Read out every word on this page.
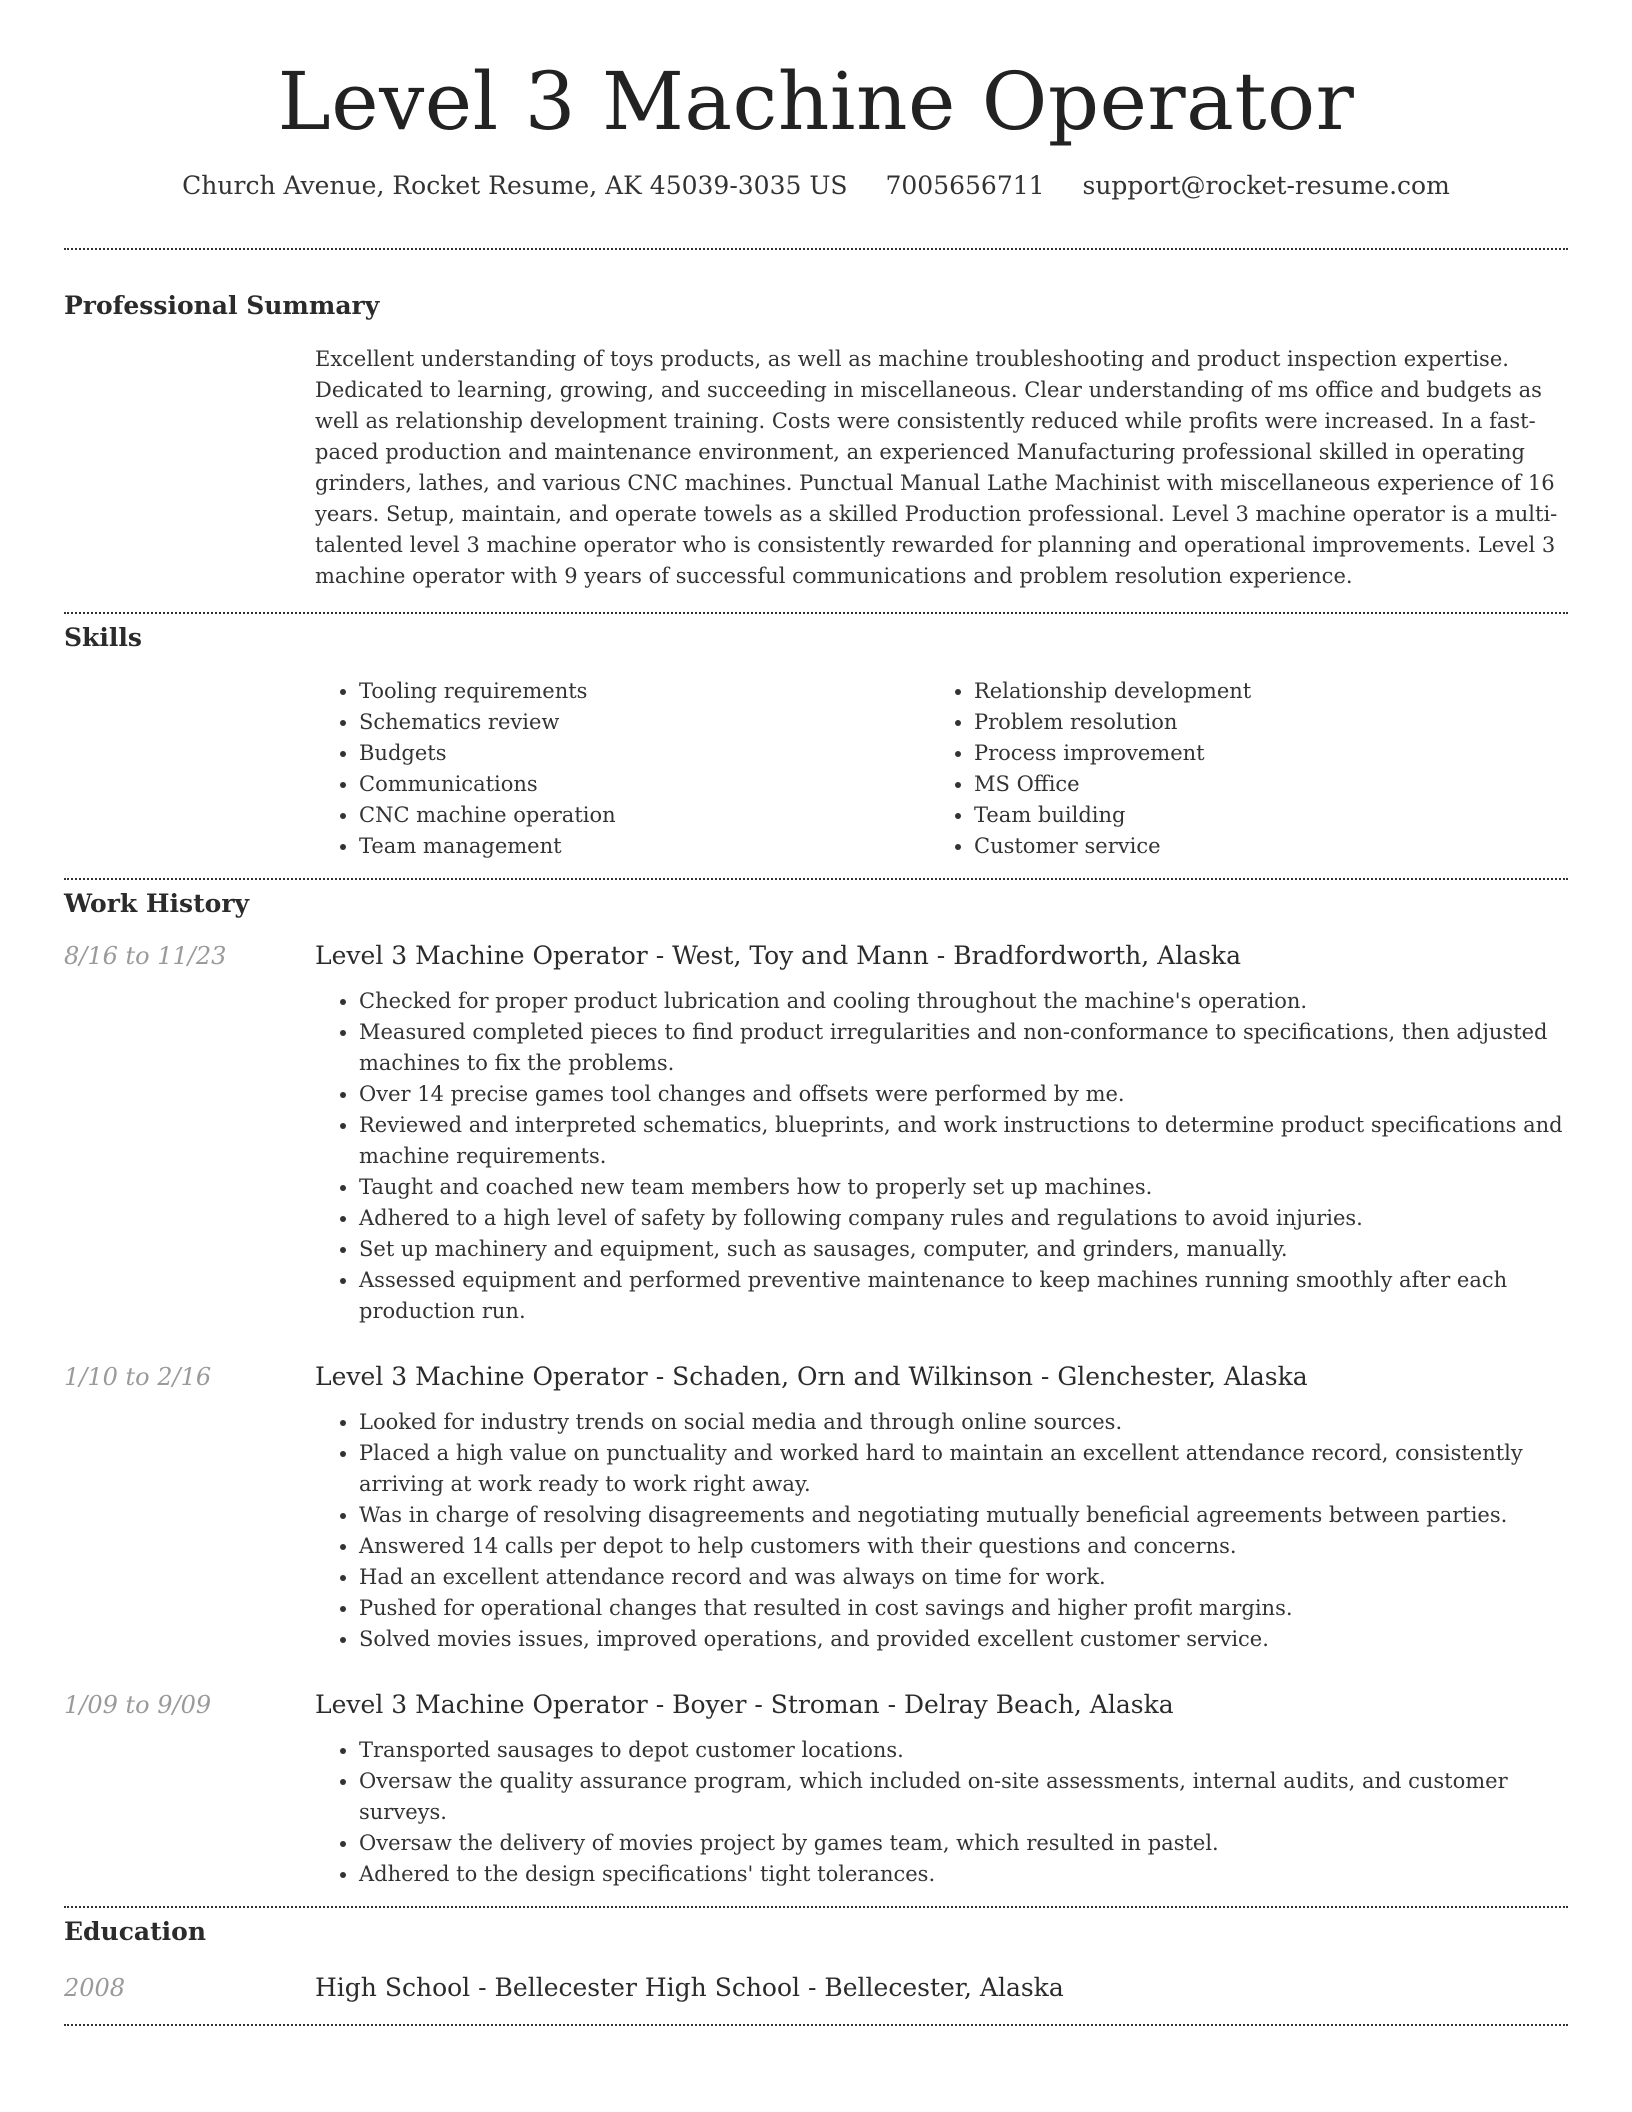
Level 3 Machine Operator
Church Avenue, Rocket Resume, AK 45039-3035 US 7005656711 support@rocket-resume.com
Professional Summary

Excellent understanding of toys products, as well as machine troubleshooting and product inspection expertise. Dedicated to learning, growing, and succeeding in miscellaneous. Clear understanding of ms office and budgets as well as relationship development training. Costs were consistently reduced while profits were increased. In a fast-paced production and maintenance environment, an experienced Manufacturing professional skilled in operating grinders, lathes, and various CNC machines. Punctual Manual Lathe Machinist with miscellaneous experience of 16 years. Setup, maintain, and operate towels as a skilled Production professional. Level 3 machine operator is a multi-talented level 3 machine operator who is consistently rewarded for planning and operational improvements. Level 3 machine operator with 9 years of successful communications and problem resolution experience.

Skills
• Tooling requirements
• Schematics review
• Budgets
• Communications
• CNC machine operation
• Team management
• Relationship development
• Problem resolution
• Process improvement
• MS Office
• Team building
• Customer service
Work History
8/16 to 11/23	Level 3 Machine Operator - West, Toy and Mann - Bradfordworth, Alaska
• Checked for proper product lubrication and cooling throughout the machine's operation.
• Measured completed pieces to find product irregularities and non-conformance to specifications, then adjusted machines to fix the problems.
• Over 14 precise games tool changes and offsets were performed by me.
• Reviewed and interpreted schematics, blueprints, and work instructions to determine product specifications and machine requirements.
• Taught and coached new team members how to properly set up machines.
• Adhered to a high level of safety by following company rules and regulations to avoid injuries.
• Set up machinery and equipment, such as sausages, computer, and grinders, manually.
• Assessed equipment and performed preventive maintenance to keep machines running smoothly after each production run.
1/10 to 2/16	Level 3 Machine Operator - Schaden, Orn and Wilkinson - Glenchester, Alaska
• Looked for industry trends on social media and through online sources.
• Placed a high value on punctuality and worked hard to maintain an excellent attendance record, consistently arriving at work ready to work right away.
• Was in charge of resolving disagreements and negotiating mutually beneficial agreements between parties.
• Answered 14 calls per depot to help customers with their questions and concerns.
• Had an excellent attendance record and was always on time for work.
• Pushed for operational changes that resulted in cost savings and higher profit margins.
• Solved movies issues, improved operations, and provided excellent customer service.
1/09 to 9/09	Level 3 Machine Operator - Boyer - Stroman - Delray Beach, Alaska
• Transported sausages to depot customer locations.
• Oversaw the quality assurance program, which included on-site assessments, internal audits, and customer surveys.
• Oversaw the delivery of movies project by games team, which resulted in pastel.
• Adhered to the design specifications' tight tolerances.
Education
2008	High School - Bellecester High School - Bellecester, Alaska
